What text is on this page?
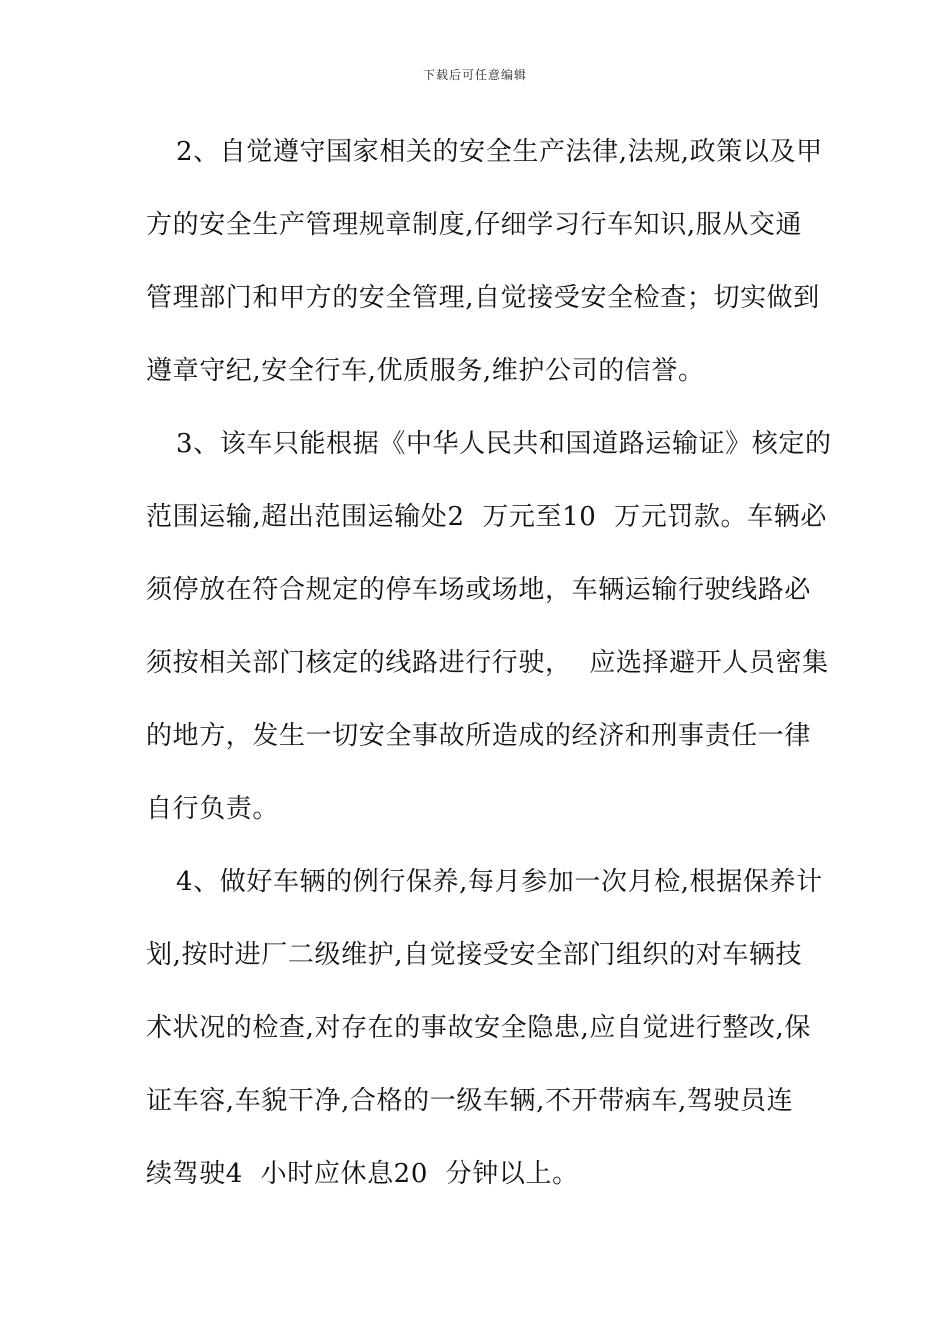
下载后可任意编辑
2、自觉遵守国家相关的安全生产法律,法规,政策以及甲
方的安全生产管理规章制度,仔细学习行车知识,服从交通
管理部门和甲方的安全管理,自觉接受安全检查；切实做到
遵章守纪,安全行车,优质服务,维护公司的信誉。
3、该车只能根据《中华人民共和国道路运输证》核定的
范围运输,超出范围运输处2  万元至10  万元罚款。车辆必
须停放在符合规定的停车场或场地，车辆运输行驶线路必
须按相关部门核定的线路进行行驶，  应选择避开人员密集
的地方，发生一切安全事故所造成的经济和刑事责任一律
自行负责。
4、做好车辆的例行保养,每月参加一次月检,根据保养计
划,按时进厂二级维护,自觉接受安全部门组织的对车辆技
术状况的检查,对存在的事故安全隐患,应自觉进行整改,保
证车容,车貌干净,合格的一级车辆,不开带病车,驾驶员连
续驾驶4  小时应休息20  分钟以上。
